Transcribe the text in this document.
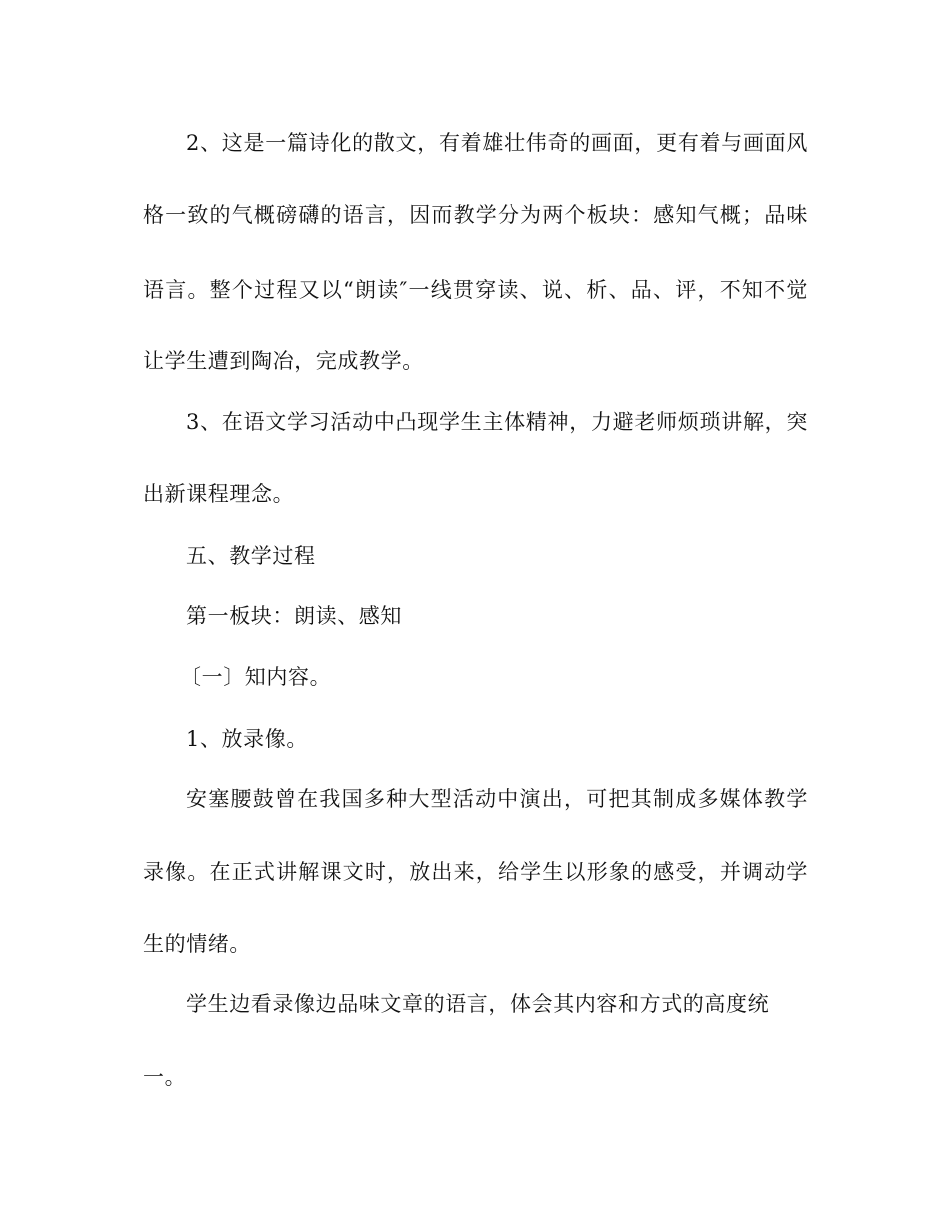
2、这是一篇诗化的散文，有着雄壮伟奇的画面，更有着与画面风

格一致的气概磅礴的语言，因而教学分为两个板块：感知气概；品味

语言。整个过程又以“朗读″一线贯穿读、说、析、品、评，不知不觉

让学生遭到陶冶，完成教学。

3、在语文学习活动中凸现学生主体精神，力避老师烦琐讲解，突

出新课程理念。

五、教学过程

第一板块：朗读、感知

〔一〕知内容。

1、放录像。

安塞腰鼓曾在我国多种大型活动中演出，可把其制成多媒体教学

录像。在正式讲解课文时，放出来，给学生以形象的感受，并调动学

生的情绪。

学生边看录像边品味文章的语言，体会其内容和方式的高度统

一。
